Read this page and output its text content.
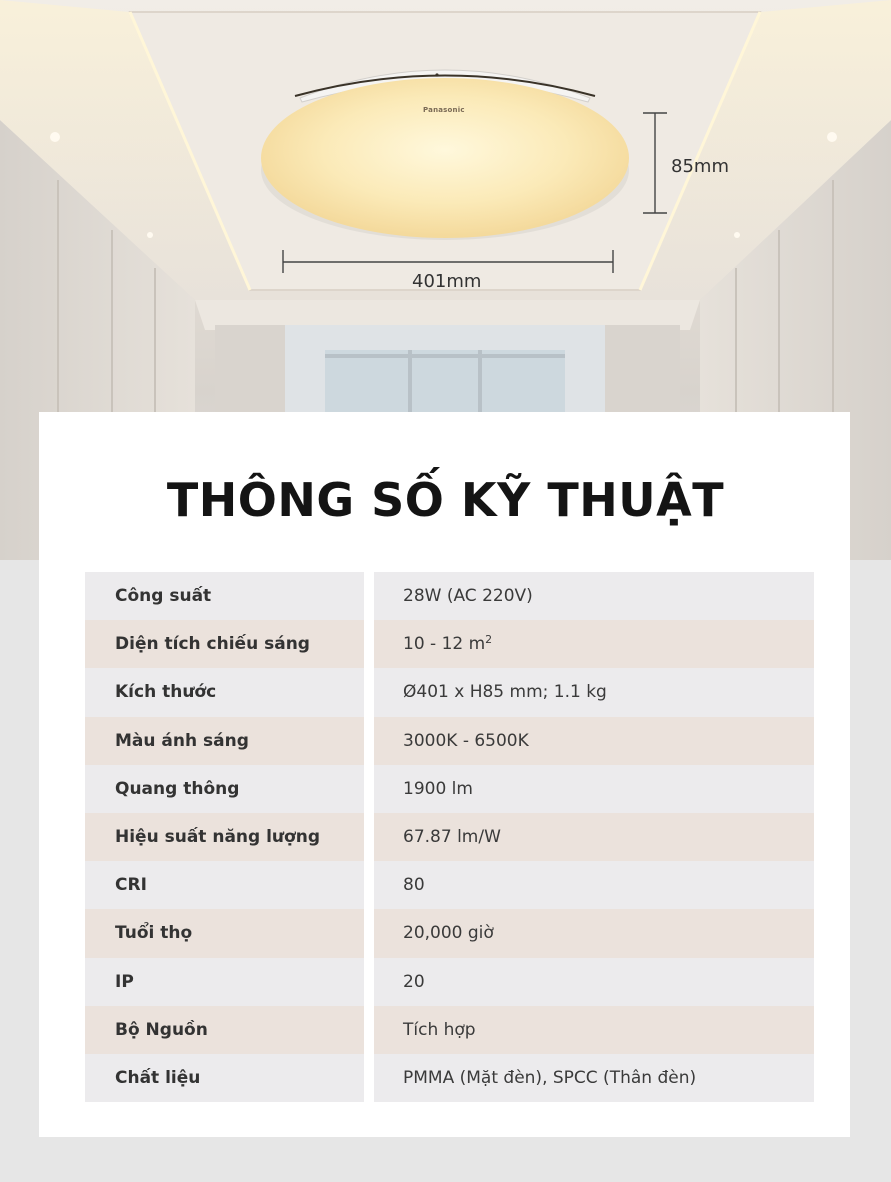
Panasonic
401mm
85mm
THÔNG SỐ KỸ THUẬT
Công suất	28W (AC 220V)
Diện tích chiếu sáng	10 - 12 $m^2$
Kích thước	Ø401 x H85 mm; 1.1 kg
Màu ánh sáng	3000K - 6500K
Quang thông	1900 lm
Hiệu suất năng lượng	67.87 lm/W
CRI	80
Tuổi thọ	20,000 giờ
IP	20
Bộ Nguồn	Tích hợp
Chất liệu	PMMA (Mặt đèn), SPCC (Thân đèn)
